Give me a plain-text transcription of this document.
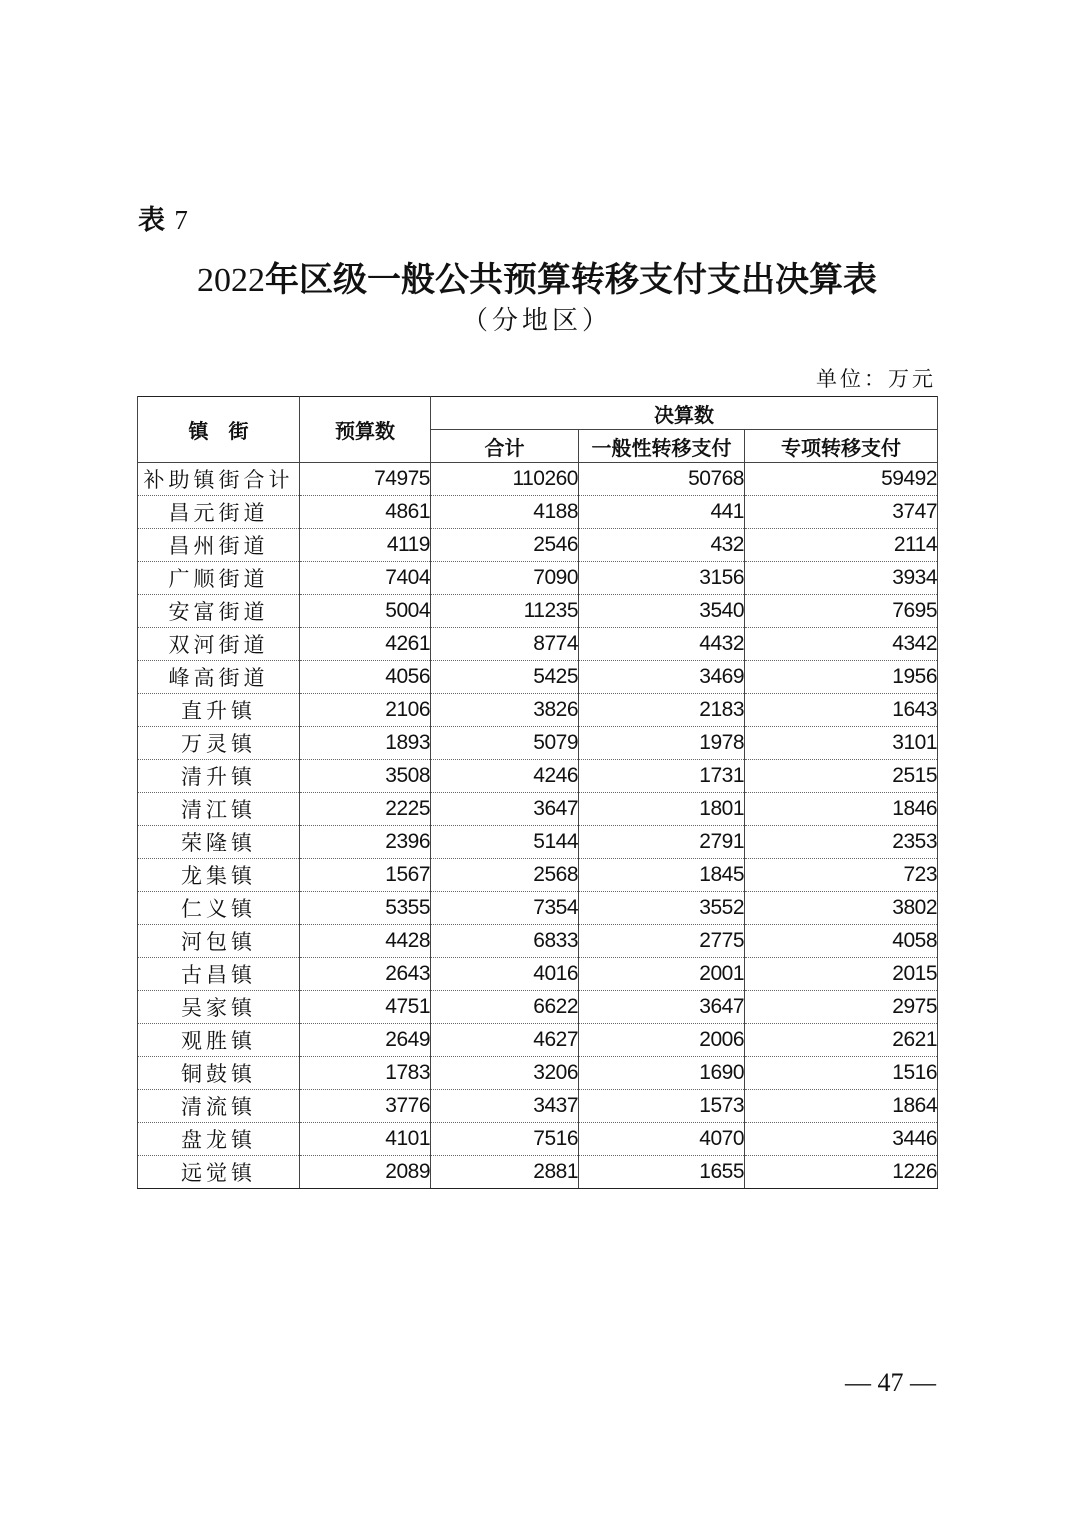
表 7
2022年区级一般公共预算转移支付支出决算表
（分地区）
单位：万元
镇　街	预算数	决算数		
		合计	一般性转移支付	专项转移支付
补助镇街合计	74975	110260	50768	59492
昌元街道	4861	4188	441	3747
昌州街道	4119	2546	432	2114
广顺街道	7404	7090	3156	3934
安富街道	5004	11235	3540	7695
双河街道	4261	8774	4432	4342
峰高街道	4056	5425	3469	1956
直升镇	2106	3826	2183	1643
万灵镇	1893	5079	1978	3101
清升镇	3508	4246	1731	2515
清江镇	2225	3647	1801	1846
荣隆镇	2396	5144	2791	2353
龙集镇	1567	2568	1845	723
仁义镇	5355	7354	3552	3802
河包镇	4428	6833	2775	4058
古昌镇	2643	4016	2001	2015
吴家镇	4751	6622	3647	2975
观胜镇	2649	4627	2006	2621
铜鼓镇	1783	3206	1690	1516
清流镇	3776	3437	1573	1864
盘龙镇	4101	7516	4070	3446
远觉镇	2089	2881	1655	1226
— 47 —
